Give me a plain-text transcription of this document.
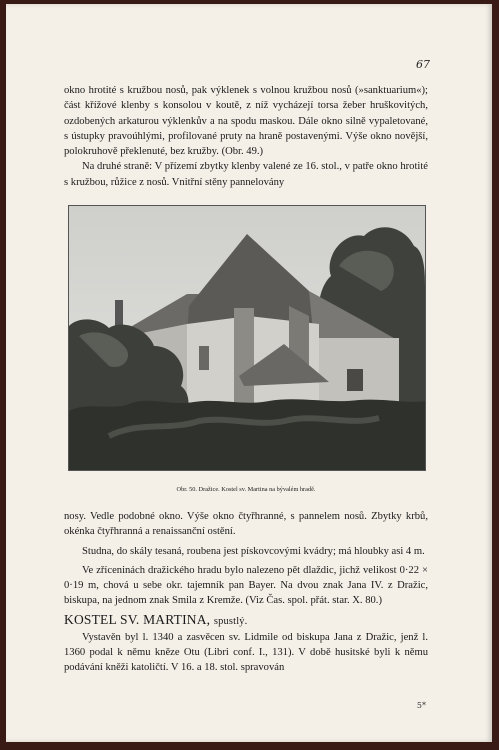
67

okno hrotité s kružbou nosů, pak výklenek s volnou kružbou nosů (»sanktuarium«); část křížové klenby s konsolou v koutě, z níž vycházejí torsa žeber hruškovitých, ozdobených arkaturou výklenkův a na spodu maskou. Dále okno silně vypaletované, s ústupky pravoúhlými, profilované pruty na hraně postavenými. Výše okno novější, polokruhově překlenuté, bez kružby. (Obr. 49.)

Na druhé straně: V přízemí zbytky klenby valené ze 16. stol., v patře okno hrotité s kružbou, růžice z nosů. Vnitřní stěny pannelovány

Obr. 50. Dražice. Kostel sv. Martina na bývalém hradě.

nosy. Vedle podobné okno. Výše okno čtyřhranné, s pannelem nosů. Zbytky krbů, okénka čtyřhranná a renaissanční ostění.

Studna, do skály tesaná, roubena jest pískovcovými kvádry; má hloubky asi 4 m.

Ve zříceninách dražického hradu bylo nalezeno pět dlaždic, jichž velikost 0·22 × 0·19 m, chová u sebe okr. tajemník pan Bayer. Na dvou znak Jana IV. z Dražic, biskupa, na jednom znak Smila z Kremže. (Viz Čas. spol. přát. star. X. 80.)

KOSTEL SV. MARTINA, spustlý.

Vystavěn byl l. 1340 a zasvěcen sv. Lidmile od biskupa Jana z Dražic, jenž l. 1360 podal k němu kněze Otu (Libri conf. I., 131). V době husitské byli k němu podávání kněži katoličtí. V 16. a 18. stol. spravován

5*
